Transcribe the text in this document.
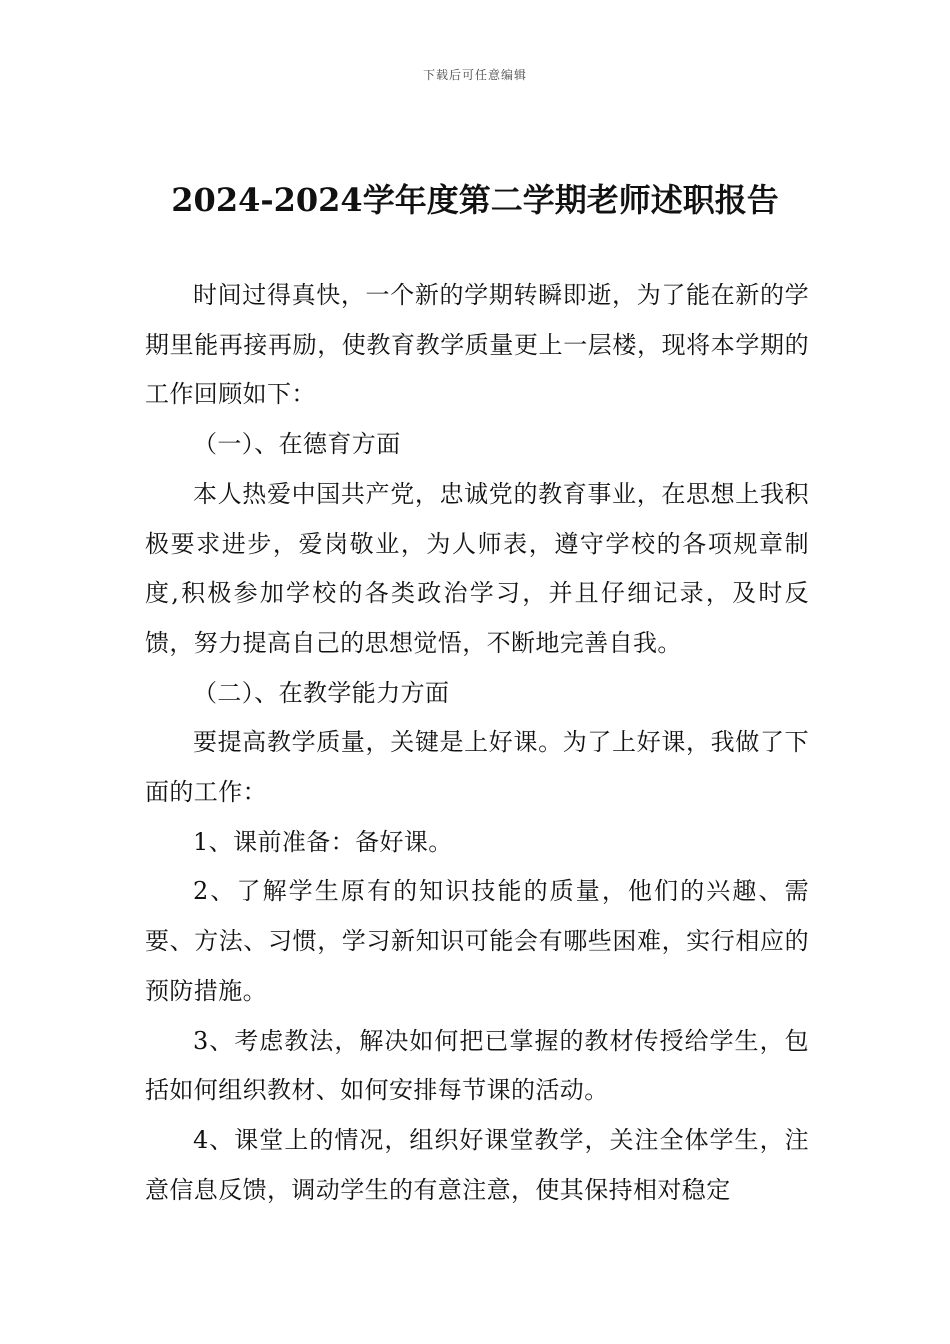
下载后可任意编辑
2024-2024学年度第二学期老师述职报告

时间过得真快，一个新的学期转瞬即逝，为了能在新的学期里能再接再励，使教育教学质量更上一层楼，现将本学期的工作回顾如下：

（一）、在德育方面

本人热爱中国共产党，忠诚党的教育事业，在思想上我积极要求进步，爱岗敬业，为人师表，遵守学校的各项规章制度,积极参加学校的各类政治学习，并且仔细记录，及时反馈，努力提高自己的思想觉悟，不断地完善自我。

（二）、在教学能力方面

要提高教学质量，关键是上好课。为了上好课，我做了下面的工作：

1、课前准备：备好课。

2、了解学生原有的知识技能的质量，他们的兴趣、需要、方法、习惯，学习新知识可能会有哪些困难，实行相应的预防措施。

3、考虑教法，解决如何把已掌握的教材传授给学生，包括如何组织教材、如何安排每节课的活动。

4、课堂上的情况，组织好课堂教学，关注全体学生，注意信息反馈，调动学生的有意注意，使其保持相对稳定
